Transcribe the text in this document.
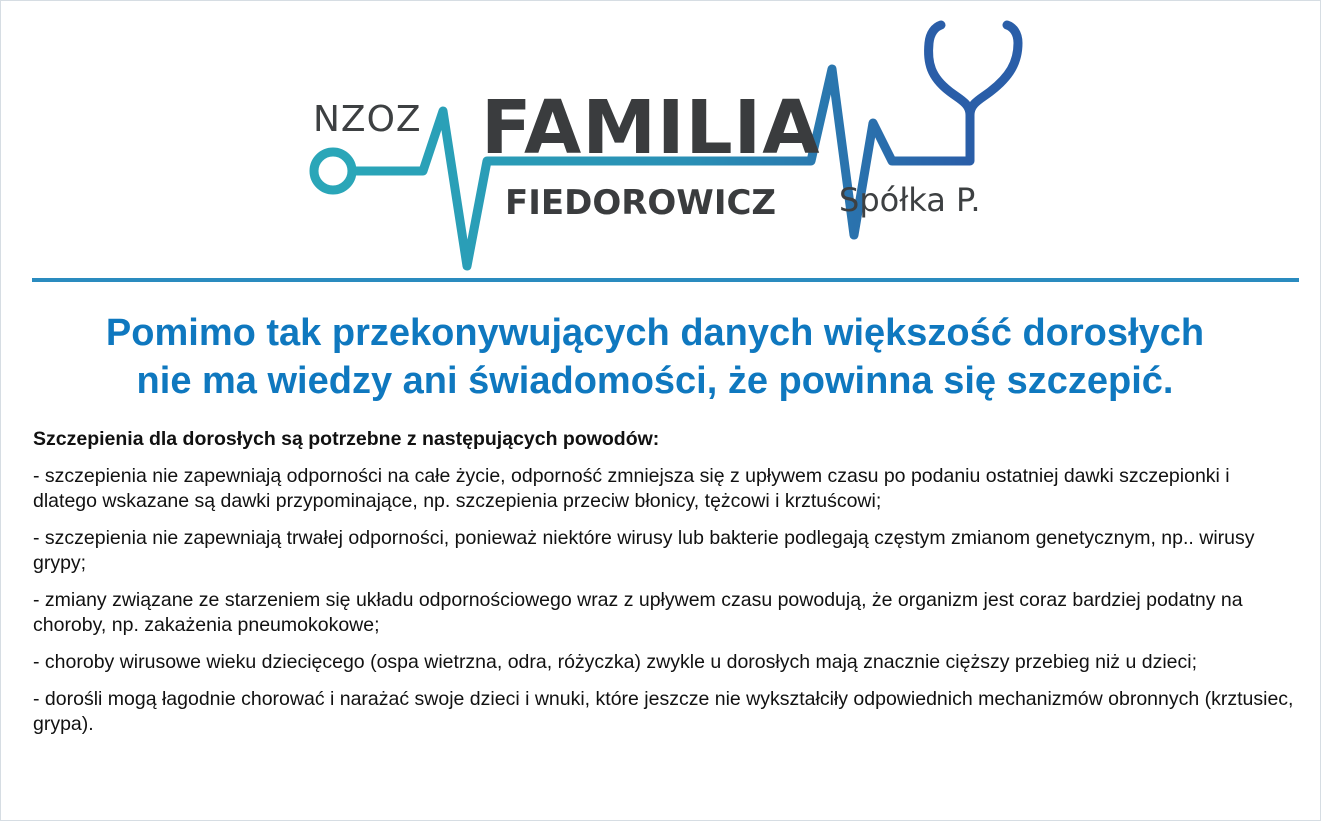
NZOZ FAMILIA
FIEDOROWICZ Spółka P.
Pomimo tak przekonywujących danych większość dorosłych
nie ma wiedzy ani świadomości, że powinna się szczepić.

Szczepienia dla dorosłych są potrzebne z następujących powodów:

- szczepienia nie zapewniają odporności na całe życie, odporność zmniejsza się z upływem czasu po podaniu ostatniej dawki szczepionki i dlatego wskazane są dawki przypominające, np. szczepienia przeciw błonicy, tężcowi i krztuścowi;

- szczepienia nie zapewniają trwałej odporności, ponieważ niektóre wirusy lub bakterie podlegają częstym zmianom genetycznym, np.. wirusy grypy;

- zmiany związane ze starzeniem się układu odpornościowego wraz z upływem czasu powodują, że organizm jest coraz bardziej podatny na choroby, np. zakażenia pneumokokowe;

- choroby wirusowe wieku dziecięcego (ospa wietrzna, odra, różyczka) zwykle u dorosłych mają znacznie cięższy przebieg niż u dzieci;

- dorośli mogą łagodnie chorować i narażać swoje dzieci i wnuki, które jeszcze nie wykształciły odpowiednich mechanizmów obronnych (krztusiec, grypa).
